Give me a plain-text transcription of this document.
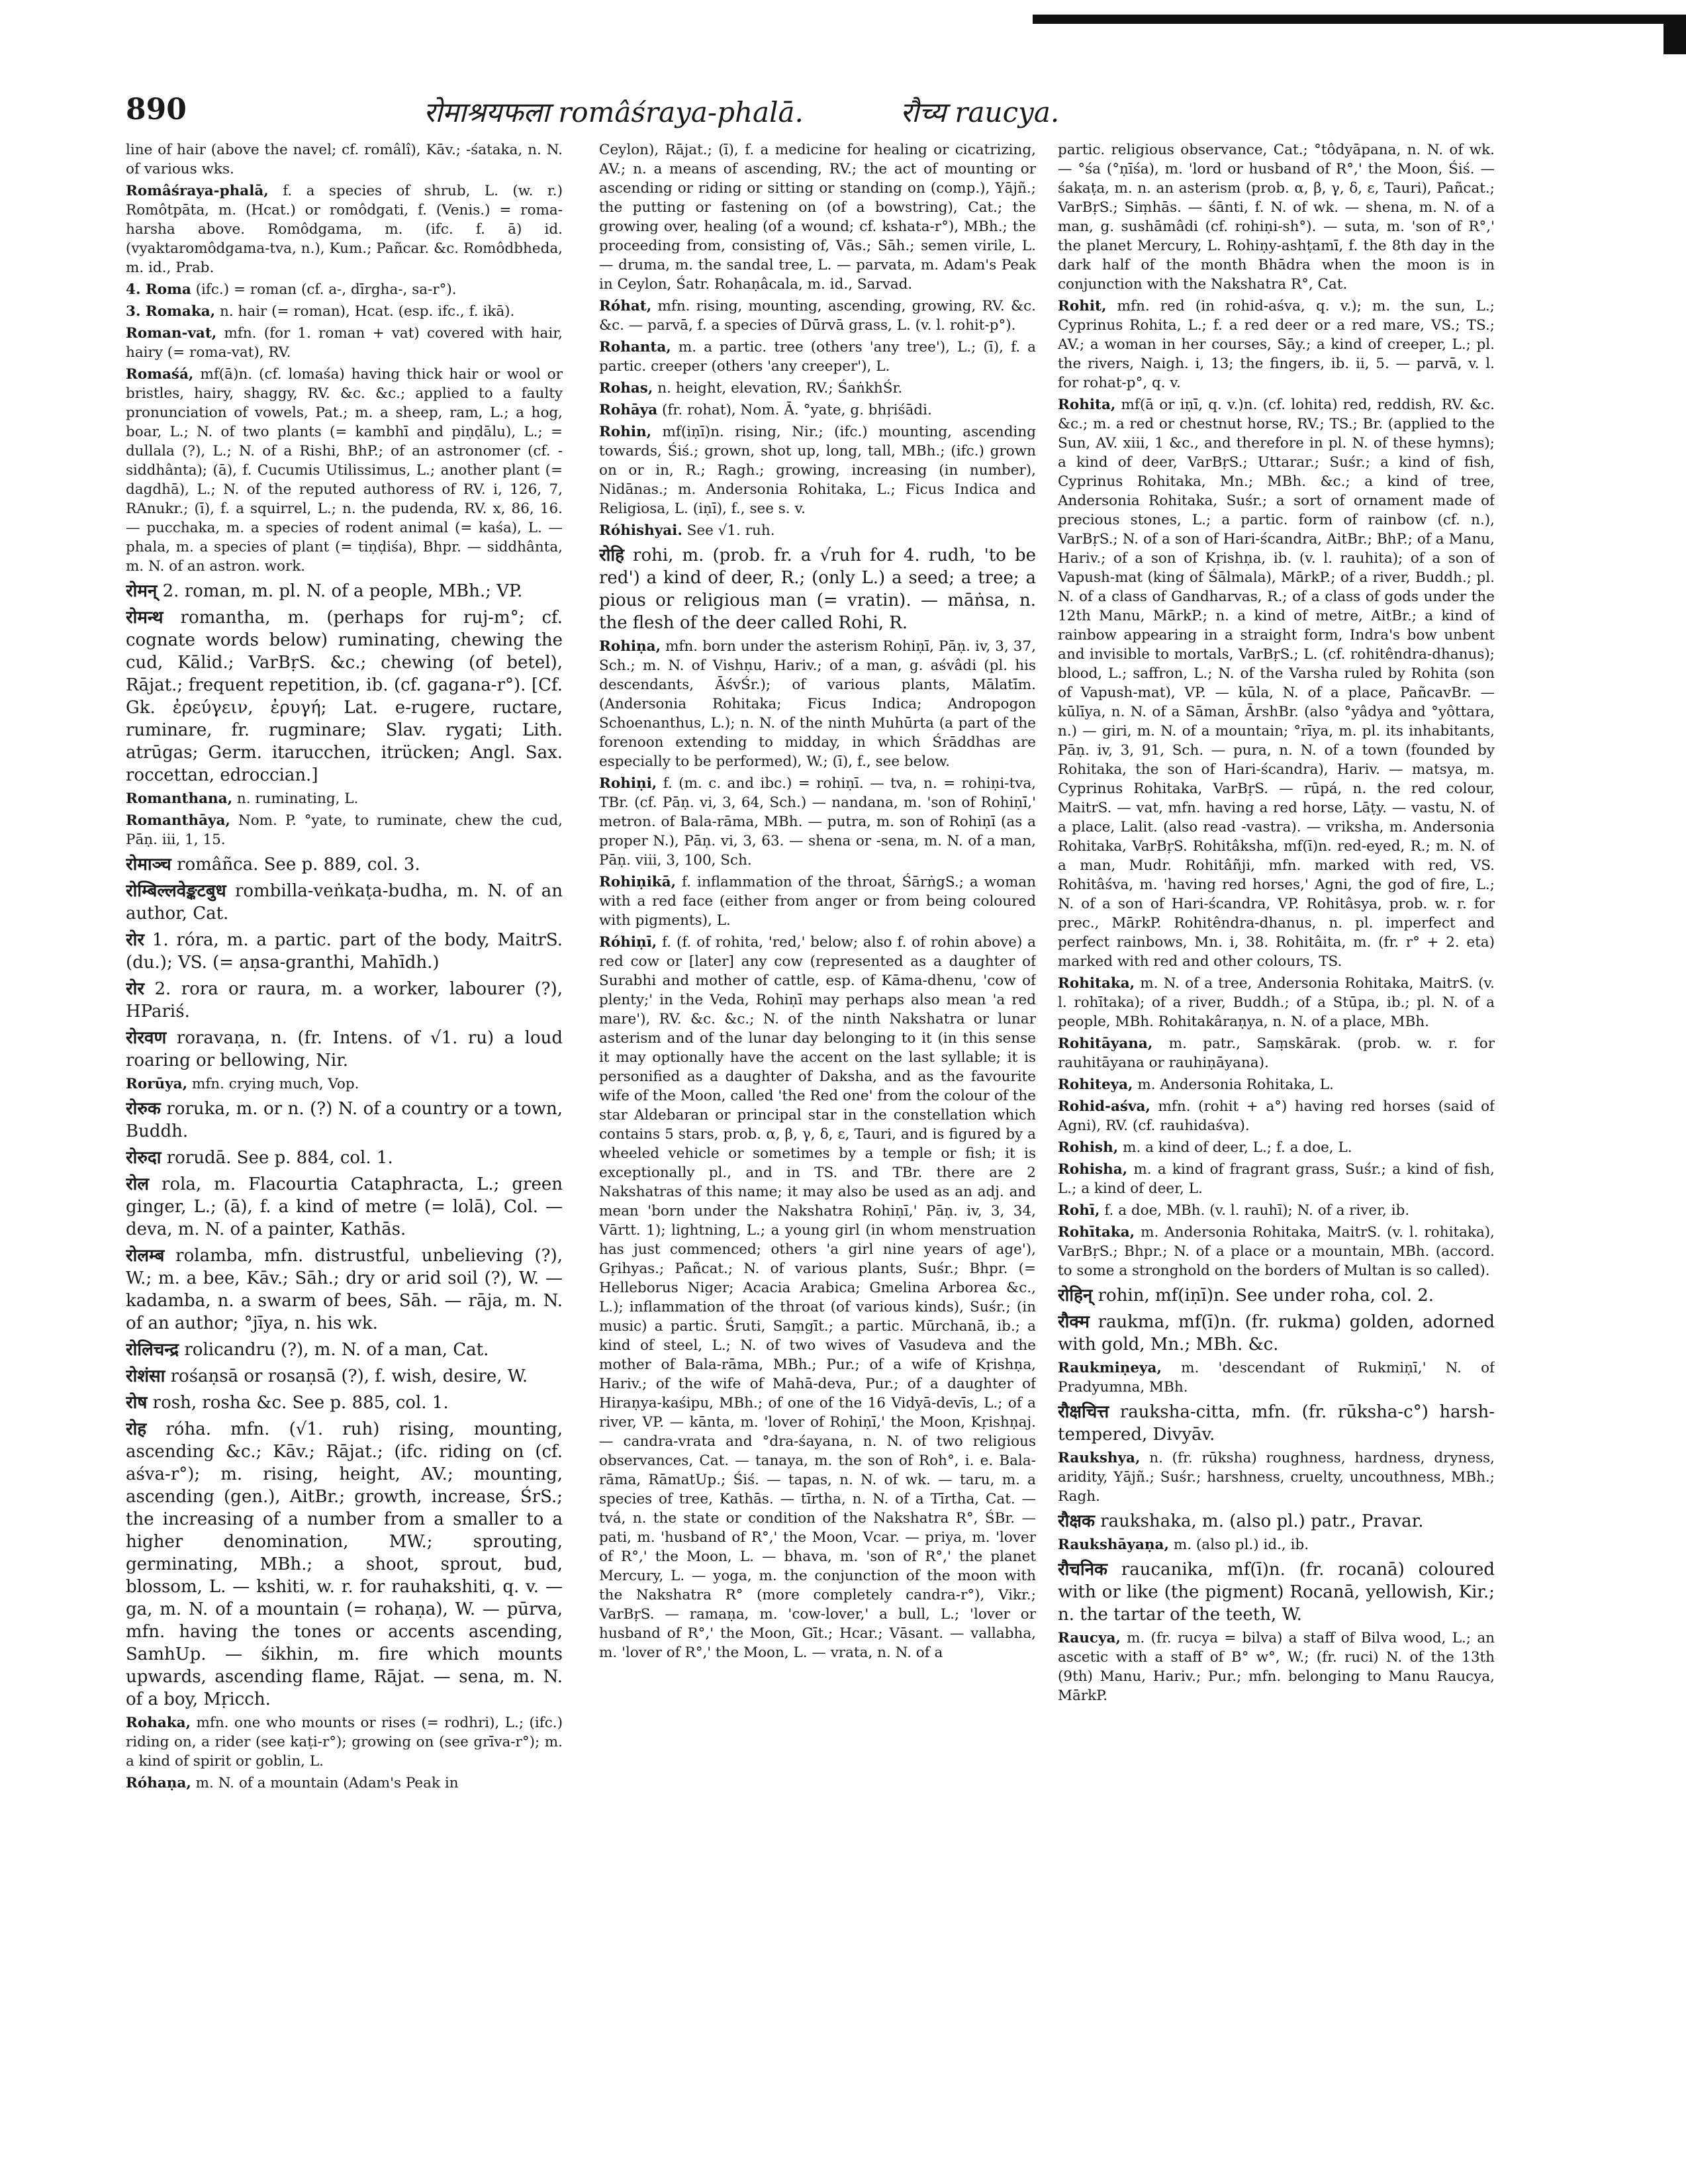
890	रोमाश्रयफला româśraya-phalā.	रौच्य raucya.

line of hair (above the navel; cf. româlî), Kāv.; -śataka, n. N. of various wks.

Româśraya-phalā, f. a species of shrub, L. (w. r.) Romôtpāta, m. (Hcat.) or romôdgati, f. (Venis.) = roma-harsha above. Romôdgama, m. (ifc. f. ā) id. (vyaktaromôdgama-tva, n.), Kum.; Pañcar. &c. Romôdbheda, m. id., Prab.

4. Roma (ifc.) = roman (cf. a-, dīrgha-, sa-r°).

3. Romaka, n. hair (= roman), Hcat. (esp. ifc., f. ikā).

Roman-vat, mfn. (for 1. roman + vat) covered with hair, hairy (= roma-vat), RV.

Romaśá, mf(ā)n. (cf. lomaśa) having thick hair or wool or bristles, hairy, shaggy, RV. &c. &c.; applied to a faulty pronunciation of vowels, Pat.; m. a sheep, ram, L.; a hog, boar, L.; N. of two plants (= kambhī and piṇḍālu), L.; = dullala (?), L.; N. of a Rishi, BhP.; of an astronomer (cf. -siddhânta); (ā), f. Cucumis Utilissimus, L.; another plant (= dagdhā), L.; N. of the reputed authoress of RV. i, 126, 7, RAnukr.; (ī), f. a squirrel, L.; n. the pudenda, RV. x, 86, 16. — pucchaka, m. a species of rodent animal (= kaśa), L. — phala, m. a species of plant (= tiṇḍiśa), Bhpr. — siddhânta, m. N. of an astron. work.

रोमन् 2. roman, m. pl. N. of a people, MBh.; VP.

रोमन्थ romantha, m. (perhaps for ruj-m°; cf. cognate words below) ruminating, chewing the cud, Kālid.; VarBṛS. &c.; chewing (of betel), Rājat.; frequent repetition, ib. (cf. gagana-r°). [Cf. Gk. ἐρεύγειν, ἐρυγή; Lat. e-rugere, ructare, ruminare, fr. rugminare; Slav. rygati; Lith. atrūgas; Germ. itarucchen, itrücken; Angl. Sax. roccettan, edroccian.]

Romanthana, n. ruminating, L.

Romanthāya, Nom. P. °yate, to ruminate, chew the cud, Pāṇ. iii, 1, 15.

रोमाञ्च româñca. See p. 889, col. 3.

रोम्बिल्लवेङ्कटबुध rombilla-veṅkaṭa-budha, m. N. of an author, Cat.

रोर 1. róra, m. a partic. part of the body, MaitrS. (du.); VS. (= aṇsa-granthi, Mahīdh.)

रोर 2. rora or raura, m. a worker, labourer (?), HPariś.

रोरवण roravaṇa, n. (fr. Intens. of √1. ru) a loud roaring or bellowing, Nir.

Rorūya, mfn. crying much, Vop.

रोरुक roruka, m. or n. (?) N. of a country or a town, Buddh.

रोरुदा rorudā. See p. 884, col. 1.

रोल rola, m. Flacourtia Cataphracta, L.; green ginger, L.; (ā), f. a kind of metre (= lolā), Col. — deva, m. N. of a painter, Kathās.

रोलम्ब rolamba, mfn. distrustful, unbelieving (?), W.; m. a bee, Kāv.; Sāh.; dry or arid soil (?), W. — kadamba, n. a swarm of bees, Sāh. — rāja, m. N. of an author; °jīya, n. his wk.

रोलिचन्द्र rolicandru (?), m. N. of a man, Cat.

रोशंसा rośaṇsā or rosaṇsā (?), f. wish, desire, W.

रोष rosh, rosha &c. See p. 885, col. 1.

रोह róha. mfn. (√1. ruh) rising, mounting, ascending &c.; Kāv.; Rājat.; (ifc. riding on (cf. aśva-r°); m. rising, height, AV.; mounting, ascending (gen.), AitBr.; growth, increase, ŚrS.; the increasing of a number from a smaller to a higher denomination, MW.; sprouting, germinating, MBh.; a shoot, sprout, bud, blossom, L. — kshiti, w. r. for rauhakshiti, q. v. — ga, m. N. of a mountain (= rohaṇa), W. — pūrva, mfn. having the tones or accents ascending, SamhUp. — śikhin, m. fire which mounts upwards, ascending flame, Rājat. — sena, m. N. of a boy, Mṛicch.

Rohaka, mfn. one who mounts or rises (= rodhri), L.; (ifc.) riding on, a rider (see kaṭi-r°); growing on (see grīva-r°); m. a kind of spirit or goblin, L.

Róhaṇa, m. N. of a mountain (Adam's Peak in

Ceylon), Rājat.; (ī), f. a medicine for healing or cicatrizing, AV.; n. a means of ascending, RV.; the act of mounting or ascending or riding or sitting or standing on (comp.), Yājñ.; the putting or fastening on (of a bowstring), Cat.; the growing over, healing (of a wound; cf. kshata-r°), MBh.; the proceeding from, consisting of, Vās.; Sāh.; semen virile, L. — druma, m. the sandal tree, L. — parvata, m. Adam's Peak in Ceylon, Śatr. Rohaṇâcala, m. id., Sarvad.

Róhat, mfn. rising, mounting, ascending, growing, RV. &c. &c. — parvā, f. a species of Dūrvā grass, L. (v. l. rohit-p°).

Rohanta, m. a partic. tree (others 'any tree'), L.; (ī), f. a partic. creeper (others 'any creeper'), L.

Rohas, n. height, elevation, RV.; ŚaṅkhŚr.

Rohāya (fr. rohat), Nom. Ā. °yate, g. bhṛiśādi.

Rohin, mf(iṇī)n. rising, Nir.; (ifc.) mounting, ascending towards, Śiś.; grown, shot up, long, tall, MBh.; (ifc.) grown on or in, R.; Ragh.; growing, increasing (in number), Nidānas.; m. Andersonia Rohitaka, L.; Ficus Indica and Religiosa, L. (iṇī), f., see s. v.

Róhishyai. See √1. ruh.

रोहि rohi, m. (prob. fr. a √ruh for 4. rudh, 'to be red') a kind of deer, R.; (only L.) a seed; a tree; a pious or religious man (= vratin). — māṅsa, n. the flesh of the deer called Rohi, R.

Rohiṇa, mfn. born under the asterism Rohiṇī, Pāṇ. iv, 3, 37, Sch.; m. N. of Vishṇu, Hariv.; of a man, g. aśvâdi (pl. his descendants, ĀśvŚr.); of various plants, Mālatīm. (Andersonia Rohitaka; Ficus Indica; Andropogon Schoenanthus, L.); n. N. of the ninth Muhūrta (a part of the forenoon extending to midday, in which Śrāddhas are especially to be performed), W.; (ī), f., see below.

Rohiṇi, f. (m. c. and ibc.) = rohiṇī. — tva, n. = rohiṇi-tva, TBr. (cf. Pāṇ. vi, 3, 64, Sch.) — nandana, m. 'son of Rohiṇī,' metron. of Bala-rāma, MBh. — putra, m. son of Rohiṇī (as a proper N.), Pāṇ. vi, 3, 63. — shena or -sena, m. N. of a man, Pāṇ. viii, 3, 100, Sch.

Rohiṇikā, f. inflammation of the throat, ŚārṅgS.; a woman with a red face (either from anger or from being coloured with pigments), L.

Róhiṇī, f. (f. of rohita, 'red,' below; also f. of rohin above) a red cow or [later] any cow (represented as a daughter of Surabhi and mother of cattle, esp. of Kāma-dhenu, 'cow of plenty;' in the Veda, Rohiṇī may perhaps also mean 'a red mare'), RV. &c. &c.; N. of the ninth Nakshatra or lunar asterism and of the lunar day belonging to it (in this sense it may optionally have the accent on the last syllable; it is personified as a daughter of Daksha, and as the favourite wife of the Moon, called 'the Red one' from the colour of the star Aldebaran or principal star in the constellation which contains 5 stars, prob. α, β, γ, δ, ε, Tauri, and is figured by a wheeled vehicle or sometimes by a temple or fish; it is exceptionally pl., and in TS. and TBr. there are 2 Nakshatras of this name; it may also be used as an adj. and mean 'born under the Nakshatra Rohiṇī,' Pāṇ. iv, 3, 34, Vārtt. 1); lightning, L.; a young girl (in whom menstruation has just commenced; others 'a girl nine years of age'), Gṛihyas.; Pañcat.; N. of various plants, Suśr.; Bhpr. (= Helleborus Niger; Acacia Arabica; Gmelina Arborea &c., L.); inflammation of the throat (of various kinds), Suśr.; (in music) a partic. Śruti, Saṃgīt.; a partic. Mūrchanā, ib.; a kind of steel, L.; N. of two wives of Vasudeva and the mother of Bala-rāma, MBh.; Pur.; of a wife of Kṛishṇa, Hariv.; of the wife of Mahā-deva, Pur.; of a daughter of Hiraṇya-kaśipu, MBh.; of one of the 16 Vidyā-devīs, L.; of a river, VP. — kānta, m. 'lover of Rohiṇī,' the Moon, Kṛishṇaj. — candra-vrata and °dra-śayana, n. N. of two religious observances, Cat. — tanaya, m. the son of Roh°, i. e. Bala-rāma, RāmatUp.; Śiś. — tapas, n. N. of wk. — taru, m. a species of tree, Kathās. — tīrtha, n. N. of a Tīrtha, Cat. — tvá, n. the state or condition of the Nakshatra R°, ŚBr. — pati, m. 'husband of R°,' the Moon, Vcar. — priya, m. 'lover of R°,' the Moon, L. — bhava, m. 'son of R°,' the planet Mercury, L. — yoga, m. the conjunction of the moon with the Nakshatra R° (more completely candra-r°), Vikr.; VarBṛS. — ramaṇa, m. 'cow-lover,' a bull, L.; 'lover or husband of R°,' the Moon, Gīt.; Hcar.; Vāsant. — vallabha, m. 'lover of R°,' the Moon, L. — vrata, n. N. of a

partic. religious observance, Cat.; °tôdyāpana, n. N. of wk. — °śa (°ṇīśa), m. 'lord or husband of R°,' the Moon, Śiś. — śakaṭa, m. n. an asterism (prob. α, β, γ, δ, ε, Tauri), Pañcat.; VarBṛS.; Siṃhās. — śānti, f. N. of wk. — shena, m. N. of a man, g. sushāmâdi (cf. rohiṇi-sh°). — suta, m. 'son of R°,' the planet Mercury, L. Rohiṇy-ashṭamī, f. the 8th day in the dark half of the month Bhādra when the moon is in conjunction with the Nakshatra R°, Cat.

Rohit, mfn. red (in rohid-aśva, q. v.); m. the sun, L.; Cyprinus Rohita, L.; f. a red deer or a red mare, VS.; TS.; AV.; a woman in her courses, Sāy.; a kind of creeper, L.; pl. the rivers, Naigh. i, 13; the fingers, ib. ii, 5. — parvā, v. l. for rohat-p°, q. v.

Rohita, mf(ā or iṇī, q. v.)n. (cf. lohita) red, reddish, RV. &c. &c.; m. a red or chestnut horse, RV.; TS.; Br. (applied to the Sun, AV. xiii, 1 &c., and therefore in pl. N. of these hymns); a kind of deer, VarBṛS.; Uttarar.; Suśr.; a kind of fish, Cyprinus Rohitaka, Mn.; MBh. &c.; a kind of tree, Andersonia Rohitaka, Suśr.; a sort of ornament made of precious stones, L.; a partic. form of rainbow (cf. n.), VarBṛS.; N. of a son of Hari-ścandra, AitBr.; BhP.; of a Manu, Hariv.; of a son of Kṛishṇa, ib. (v. l. rauhita); of a son of Vapush-mat (king of Śālmala), MārkP.; of a river, Buddh.; pl. N. of a class of Gandharvas, R.; of a class of gods under the 12th Manu, MārkP.; n. a kind of metre, AitBr.; a kind of rainbow appearing in a straight form, Indra's bow unbent and invisible to mortals, VarBṛS.; L. (cf. rohitêndra-dhanus); blood, L.; saffron, L.; N. of the Varsha ruled by Rohita (son of Vapush-mat), VP. — kūla, N. of a place, PañcavBr. — kūlīya, n. N. of a Sāman, ĀrshBr. (also °yâdya and °yôttara, n.) — giri, m. N. of a mountain; °rīya, m. pl. its inhabitants, Pāṇ. iv, 3, 91, Sch. — pura, n. N. of a town (founded by Rohitaka, the son of Hari-ścandra), Hariv. — matsya, m. Cyprinus Rohitaka, VarBṛS. — rūpá, n. the red colour, MaitrS. — vat, mfn. having a red horse, Lāṭy. — vastu, N. of a place, Lalit. (also read -vastra). — vriksha, m. Andersonia Rohitaka, VarBṛS. Rohitâksha, mf(ī)n. red-eyed, R.; m. N. of a man, Mudr. Rohitâñji, mfn. marked with red, VS. Rohitâśva, m. 'having red horses,' Agni, the god of fire, L.; N. of a son of Hari-ścandra, VP. Rohitâsya, prob. w. r. for prec., MārkP. Rohitêndra-dhanus, n. pl. imperfect and perfect rainbows, Mn. i, 38. Rohitâita, m. (fr. r° + 2. eta) marked with red and other colours, TS.

Rohitaka, m. N. of a tree, Andersonia Rohitaka, MaitrS. (v. l. rohītaka); of a river, Buddh.; of a Stūpa, ib.; pl. N. of a people, MBh. Rohitakâraṇya, n. N. of a place, MBh.

Rohitāyana, m. patr., Saṃskārak. (prob. w. r. for rauhitāyana or rauhiṇāyana).

Rohiteya, m. Andersonia Rohitaka, L.

Rohid-aśva, mfn. (rohit + a°) having red horses (said of Agni), RV. (cf. rauhidaśva).

Rohish, m. a kind of deer, L.; f. a doe, L.

Rohisha, m. a kind of fragrant grass, Suśr.; a kind of fish, L.; a kind of deer, L.

Rohī, f. a doe, MBh. (v. l. rauhī); N. of a river, ib.

Rohītaka, m. Andersonia Rohitaka, MaitrS. (v. l. rohitaka), VarBṛS.; Bhpr.; N. of a place or a mountain, MBh. (accord. to some a stronghold on the borders of Multan is so called).

रोहिन् rohin, mf(iṇī)n. See under roha, col. 2.

रौक्म raukma, mf(ī)n. (fr. rukma) golden, adorned with gold, Mn.; MBh. &c.

Raukmiṇeya, m. 'descendant of Rukmiṇī,' N. of Pradyumna, MBh.

रौक्षचित्त rauksha-citta, mfn. (fr. rūksha-c°) harsh-tempered, Divyāv.

Raukshya, n. (fr. rūksha) roughness, hardness, dryness, aridity, Yājñ.; Suśr.; harshness, cruelty, uncouthness, MBh.; Ragh.

रौक्षक raukshaka, m. (also pl.) patr., Pravar.

Raukshāyaṇa, m. (also pl.) id., ib.

रौचनिक raucanika, mf(ī)n. (fr. rocanā) coloured with or like (the pigment) Rocanā, yellowish, Kir.; n. the tartar of the teeth, W.

Raucya, m. (fr. rucya = bilva) a staff of Bilva wood, L.; an ascetic with a staff of B° w°, W.; (fr. ruci) N. of the 13th (9th) Manu, Hariv.; Pur.; mfn. belonging to Manu Raucya, MārkP.
